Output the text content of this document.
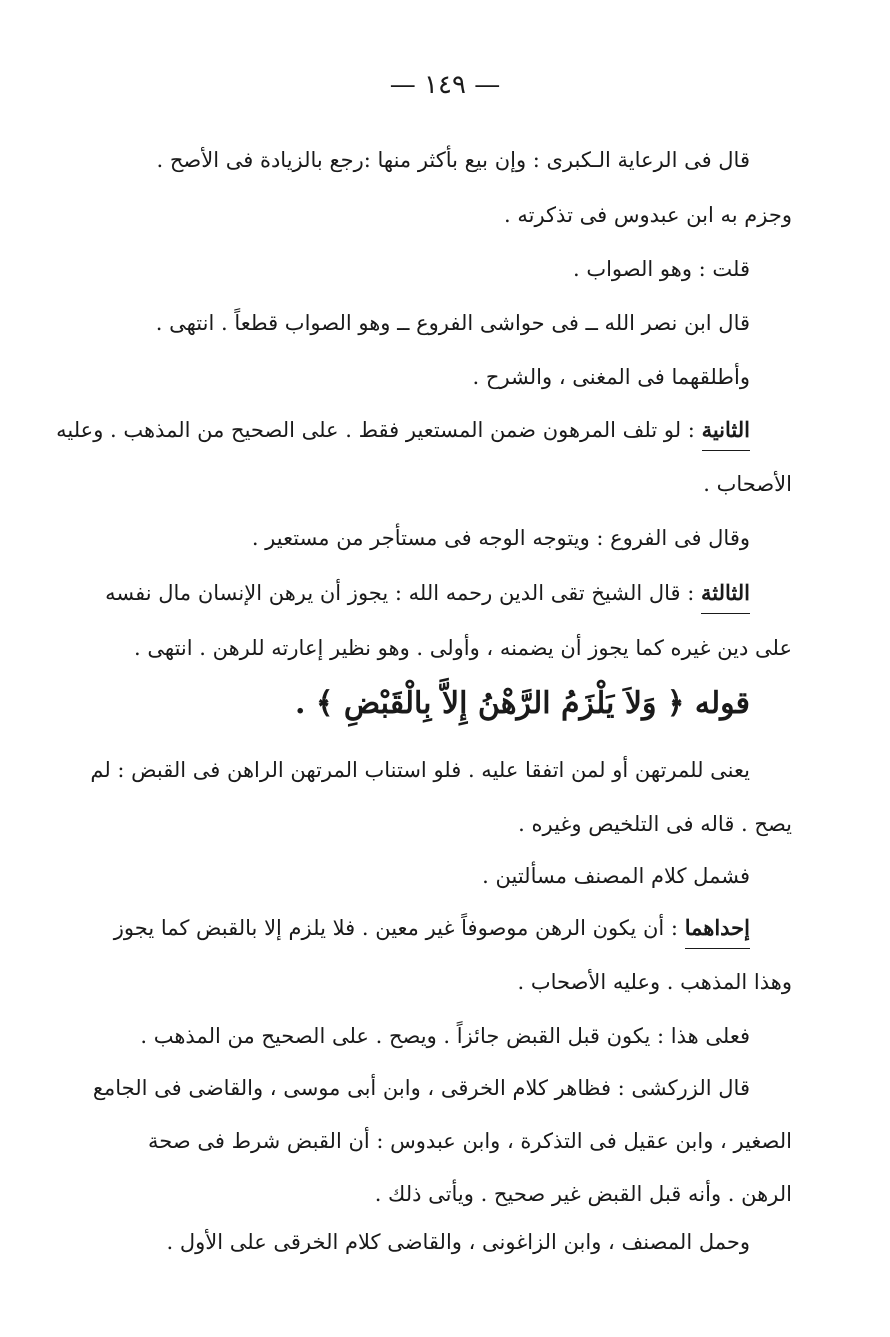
— ١٤٩ —
قال فى الرعاية الـكبرى : وإن بيع بأكثر منها :رجع بالزيادة فى الأصح .
وجزم به ابن عبدوس فى تذكرته .
قلت : وهو الصواب .
قال ابن نصر الله ــ فى حواشى الفروع ــ وهو الصواب قطعاً . انتهى .
وأطلقهما فى المغنى ، والشرح .
الثانية : لو تلف المرهون ضمن المستعير فقط . على الصحيح من المذهب . وعليه
الأصحاب .
وقال فى الفروع : ويتوجه الوجه فى مستأجر من مستعير .
الثالثة : قال الشيخ تقى الدين رحمه الله : يجوز أن يرهن الإنسان مال نفسه
على دين غيره كما يجوز أن يضمنه ، وأولى . وهو نظير إعارته للرهن . انتهى .
قوله ﴿ وَلاَ يَلْزَمُ الرَّهْنُ إِلاَّ بِالْقَبْضِ ﴾ .
يعنى للمرتهن أو لمن اتفقا عليه . فلو استناب المرتهن الراهن فى القبض : لم
يصح . قاله فى التلخيص وغيره .
فشمل كلام المصنف مسألتين .
إحداهما : أن يكون الرهن موصوفاً غير معين . فلا يلزم إلا بالقبض كما يجوز
وهذا المذهب . وعليه الأصحاب .
فعلى هذا : يكون قبل القبض جائزاً . ويصح . على الصحيح من المذهب .
قال الزركشى : فظاهر كلام الخرقى ، وابن أبى موسى ، والقاضى فى الجامع
الصغير ، وابن عقيل فى التذكرة ، وابن عبدوس : أن القبض شرط فى صحة
الرهن . وأنه قبل القبض غير صحيح . ويأتى ذلك .
وحمل المصنف ، وابن الزاغونى ، والقاضى كلام الخرقى على الأول .
